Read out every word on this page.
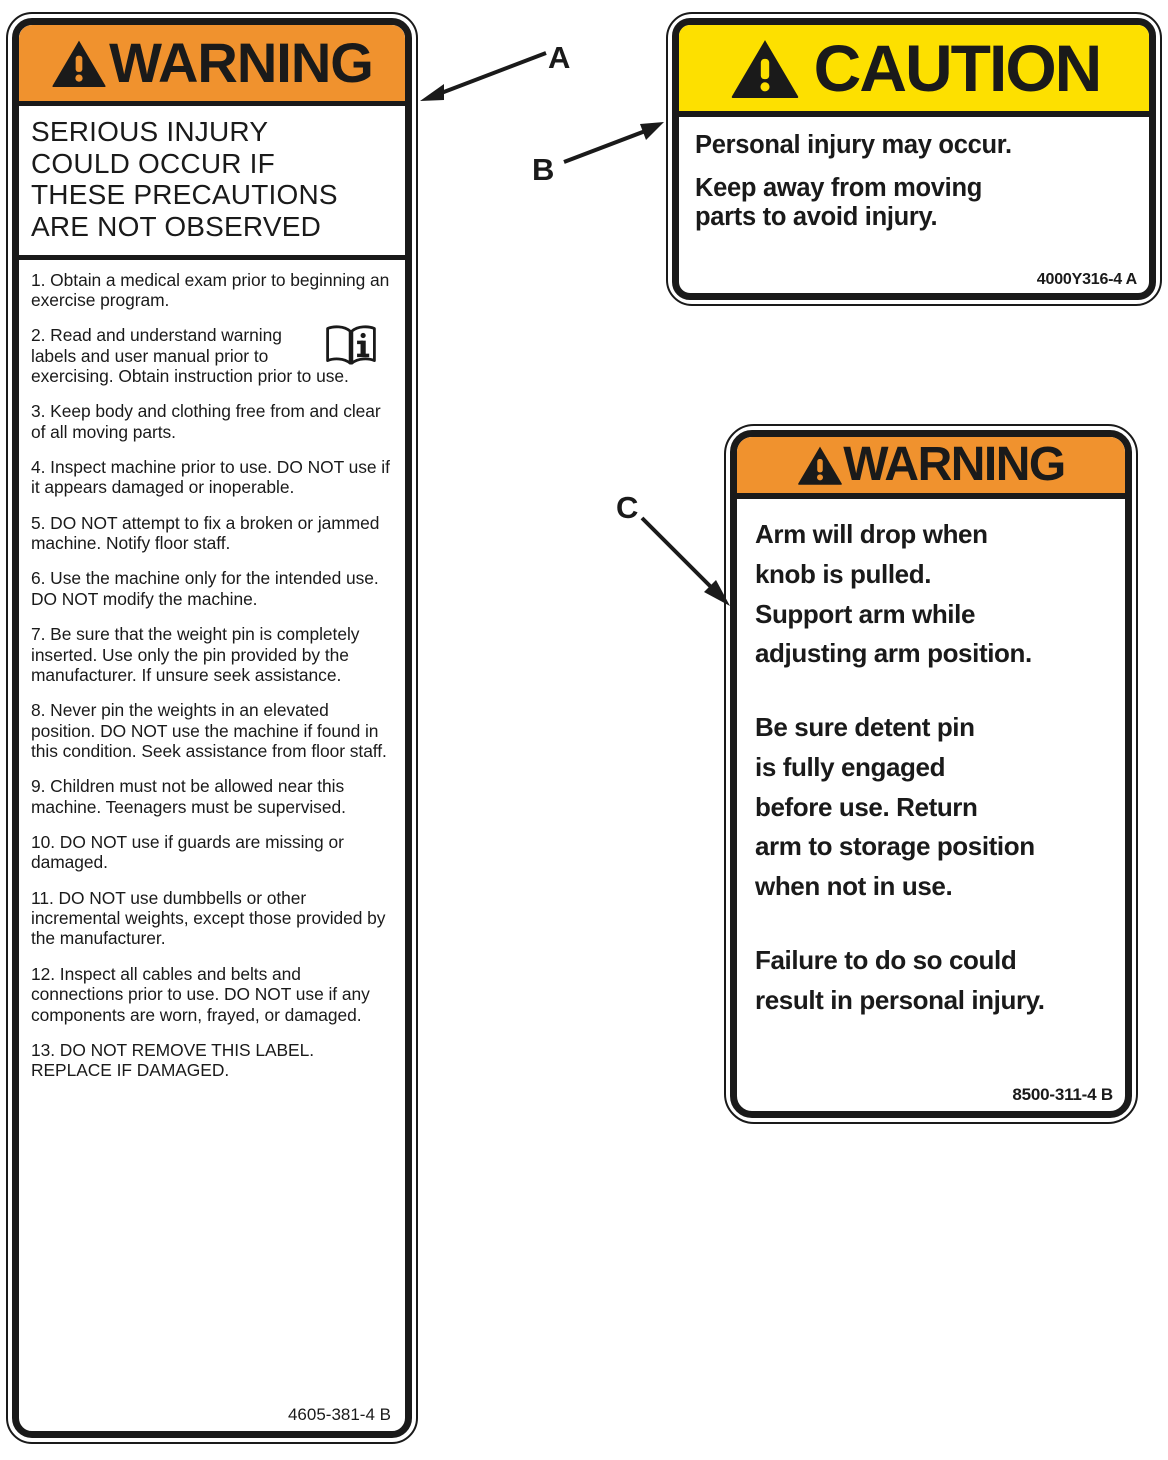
WARNING
SERIOUS INJURY
COULD OCCUR IF
THESE PRECAUTIONS
ARE NOT OBSERVED
1. Obtain a medical exam prior to beginning an exercise program.
2. Read and understand warning labels and user manual prior to exercising. Obtain instruction prior to use.
3. Keep body and clothing free from and clear of all moving parts.
4. Inspect machine prior to use. DO NOT use if it appears damaged or inoperable.
5. DO NOT attempt to fix a broken or jammed machine. Notify floor staff.
6. Use the machine only for the intended use. DO NOT modify the machine.
7. Be sure that the weight pin is completely inserted. Use only the pin provided by the manufacturer. If unsure seek assistance.
8. Never pin the weights in an elevated position. DO NOT use the machine if found in this condition. Seek assistance from floor staff.
9. Children must not be allowed near this machine. Teenagers must be supervised.
10. DO NOT use if guards are missing or damaged.
11. DO NOT use dumbbells or other incremental weights, except those provided by the manufacturer.
12. Inspect all cables and belts and connections prior to use. DO NOT use if any components are worn, frayed, or damaged.
13. DO NOT REMOVE THIS LABEL. REPLACE IF DAMAGED.
4605-381-4 B
CAUTION
Personal injury may occur.
Keep away from moving
parts to avoid injury.
4000Y316-4 A
WARNING
Arm will drop when
knob is pulled.
Support arm while
adjusting arm position.
Be sure detent pin
is fully engaged
before use. Return
arm to storage position
when not in use.
Failure to do so could
result in personal injury.
8500-311-4 B
A
B
C
